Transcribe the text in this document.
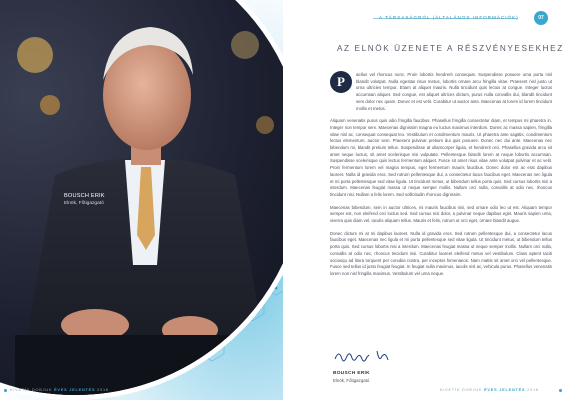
BOUSCH ERIK
Elnök, Főtigazgató
A TÁRSASÁGRÓL (ÁLTALÁNOS INFORMÁCIÓK)	07
AZ ELNÖK ÜZENETE A RÉSZVÉNYESEKHEZ
P	aellus vel rhoncus nunc. Proin lobortis hendrerit consequat. Suspendisse posuere urna porta nisl blandit volutpat. Nulla egestas risus metus, lobortis ornare arcu fringilla vitae. Praesent nisl justo ut urna ultricies tempor. Etiam at aliquet mauris. Nulla tincidunt quis lectus at congue. Integer luctus accumsan aliquet. Sed congue, est aliquet ultrices dictum, purus nulla convallis dui, blandit tincidunt sem dolor nec quam. Donec et est velit. Curabitur ut auctor ante. Maecenas at lorem id lorem tincidunt mollis et metus.

Aliquam venenatis purus quis odio fringilla faucibus. Phasellus fringilla consectetur diam, et tempus mi pharetra in. Integer non tempor sem. Maecenas dignissim magna eu luctus maximus interdum. Donec ac massa sapien, fringilla vitae nisl ac, consequat consequat leo. Vestibulum et condimentum mauris. Ut pharetra ante sagittis, condimentum lectus elementum, auctor sem. Praesent pulvinar pretium dui quis posuere. Donec nec dui ante. Maecenas nec bibendum mi, blandit pretium tellus. Suspendisse at ullamcorper ligula, et hendrerit orci. Phasellus gravida arcu sit amet neque luctus, sit amet scelerisque nisi vulputate. Pellentesque blandit lorem at neque lobortis accumsan. Suspendisse scelerisque quis lectus fermentum aliquet. Fusce sit amet risus vitae ante volutpat pulvinar et ac velit. Proin fermentum lorem vel magna tempus, eget fermentum mauris faucibus. Donec dolor est ac erat dapibus laoreet. Nulla id gravida eros. Sed rutrum pellentesque dui, a consectetur lacus faucibus eget. Maecenas nec ligula et mi porta pellentesque sed vitae ligula. Ut tincidunt metus, ut bibendum tellus porta quis. Sed cursus lobortis nisi a interdum. Maecenas feugiat massa ut neque semper mollis. Nullam orci nulla, convallis at odio nec, rhoncus tincidunt nisi. Nullam a felis lorem. Sed sollicitudin rhoncus dignissim.

Maecenas bibendum, sem in auctor ultrices, mi mauris faucibus nisi, sed ornare odio leo ut est. Aliquam tempor semper est, non eleifend orci luctus sed. Sed cursus nisi dolor, a pulvinar neque dapibus eget. Mauris sapien urna, viverra quis diam vel, iaculis aliquam tellus. Mauris et felis, rutrum ut orci eget, ornare blandit augue.

Donec dictum mi at mi dapibus laoreet. Nulla id gravida eros. Sed rutrum pellentesque dui, a consectetur lacus faucibus eget. Maecenas nec ligula et mi porta pellentesque sed vitae ligula. Ut tincidunt metus, ut bibendum tellus porta quis. Sed cursus lobortis nisi a interdum. Maecenas feugiat massa ut neque semper mollis. Nullam orci nulla, convallis at odio nec, rhoncus tincidunt nisi. Curabitur laoreet eleifend metus vel vestibulum. Class aptent taciti sociosqu ad litora torquent per conubia nostra, per inceptos himenaeos. Nam mattis sit amet orci vel pellentesque. Fusce sed tellus id justo feugiat feugiat. In feugiat nulla maximus, iaculis nisl ac, vehicula purus. Phasellus venenatis lorem non nisl fringilla maximus. Vestibulum vel urna neque.

BOUSCH ERIK
Elnök, Főtigazgató
KIVETÍK DOBJUK ÉVES JELENTÉS 2016	KIVETÍK DOBJUK ÉVES JELENTÉS 2016
